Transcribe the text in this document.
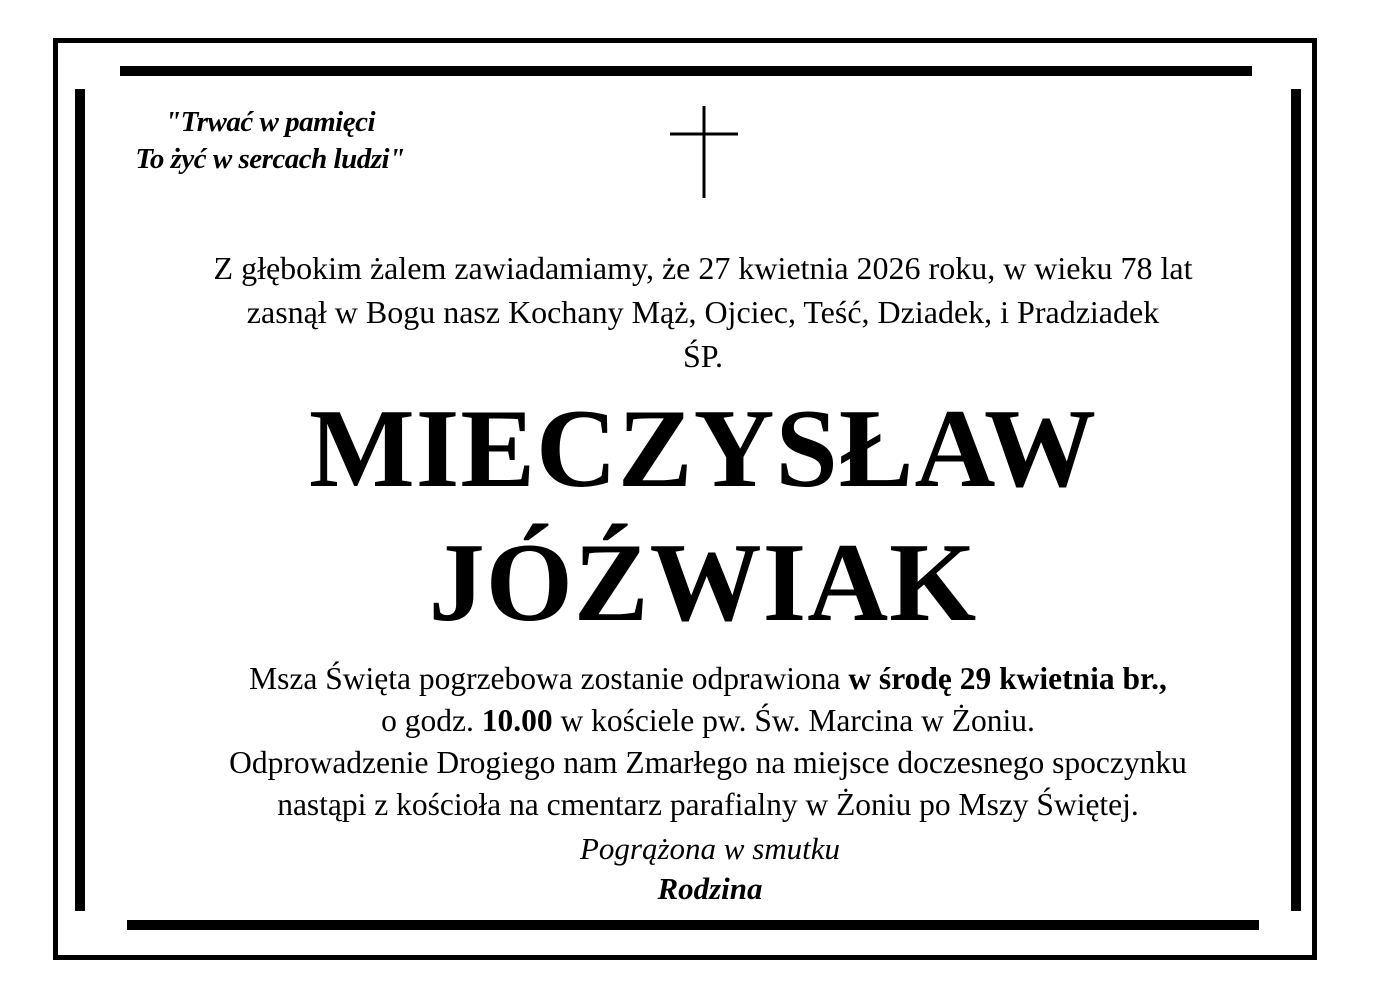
"Trwać w pamięci
To żyć w sercach ludzi"
Z głębokim żalem zawiadamiamy, że 27 kwietnia 2026 roku, w wieku 78 lat
zasnął w Bogu nasz Kochany Mąż, Ojciec, Teść, Dziadek, i Pradziadek
ŚP.
MIECZYSŁAW
JÓŹWIAK
Msza Święta pogrzebowa zostanie odprawiona w środę 29 kwietnia br.,
o godz. 10.00 w kościele pw. Św. Marcina w Żoniu.
Odprowadzenie Drogiego nam Zmarłego na miejsce doczesnego spoczynku
nastąpi z kościoła na cmentarz parafialny w Żoniu po Mszy Świętej.
Pogrążona w smutku
Rodzina
